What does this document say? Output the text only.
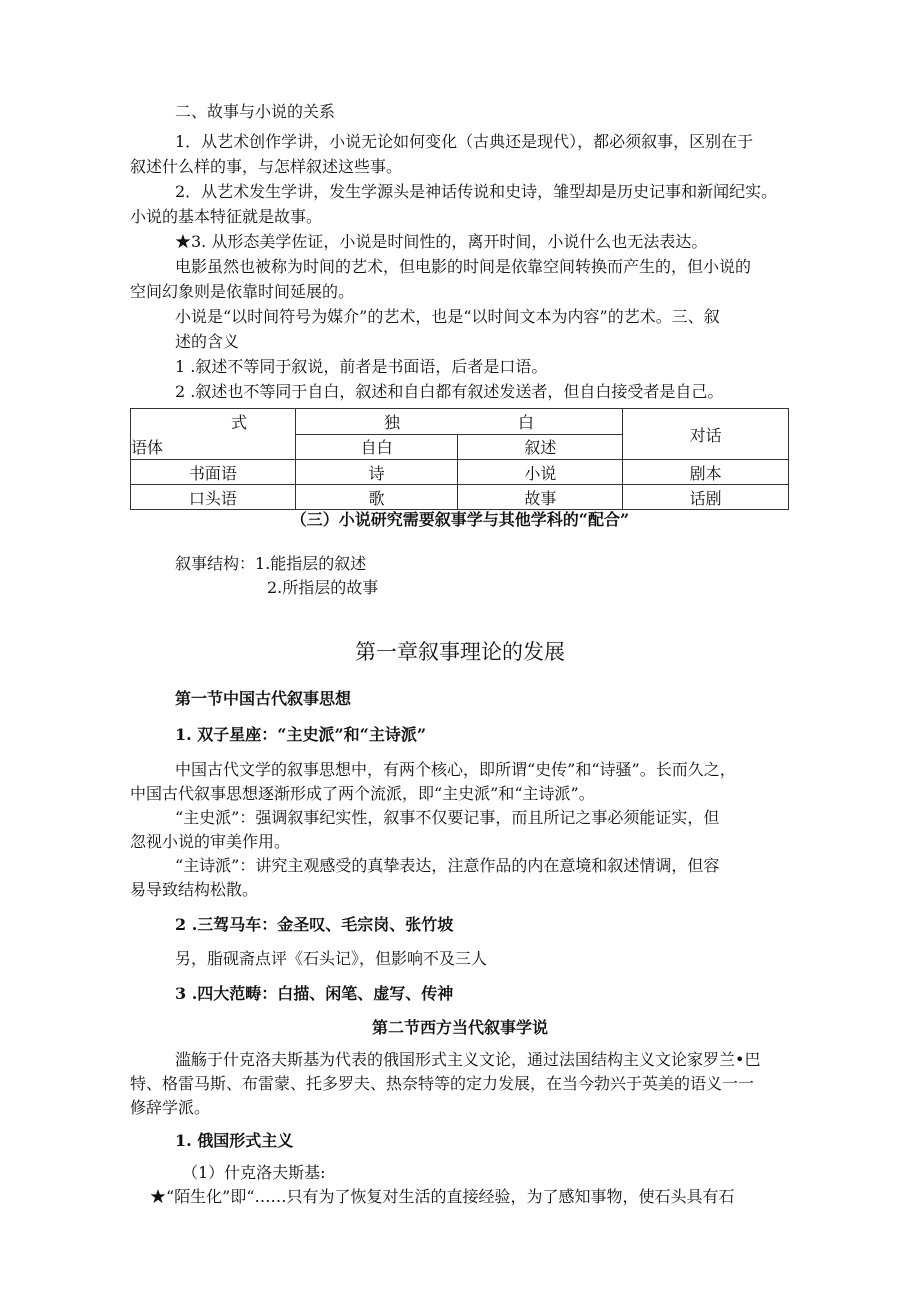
二、故事与小说的关系
1．从艺术创作学讲，小说无论如何变化（古典还是现代），都必须叙事，区别在于
叙述什么样的事，与怎样叙述这些事。
2．从艺术发生学讲，发生学源头是神话传说和史诗，雏型却是历史记事和新闻纪实。
小说的基本特征就是故事。
★3. 从形态美学佐证，小说是时间性的，离开时间，小说什么也无法表达。
电影虽然也被称为时间的艺术，但电影的时间是依靠空间转换而产生的，但小说的
空间幻象则是依靠时间延展的。
小说是“以时间符号为媒介”的艺术，也是“以时间文本为内容”的艺术。三、叙
述的含义
1 .叙述不等同于叙说，前者是书面语，后者是口语。
2 .叙述也不等同于自白，叙述和自白都有叙述发送者，但自白接受者是自己。
式
语体	独 白		对话
	自白	叙述	
书面语	诗	小说	剧本
口头语	歌	故事	话剧
（三）小说研究需要叙事学与其他学科的“配合”
叙事结构：1.能指层的叙述
2.所指层的故事
第一章叙事理论的发展
第一节中国古代叙事思想
1. 双子星座：“主史派”和“主诗派”
中国古代文学的叙事思想中，有两个核心，即所谓“史传”和“诗骚”。长而久之，
中国古代叙事思想逐渐形成了两个流派，即“主史派”和“主诗派”。
“主史派”：强调叙事纪实性，叙事不仅要记事，而且所记之事必须能证实，但
忽视小说的审美作用。
“主诗派”：讲究主观感受的真挚表达，注意作品的内在意境和叙述情调，但容
易导致结构松散。
2 .三驾马车：金圣叹、毛宗岗、张竹坡
另，脂砚斋点评《石头记》，但影响不及三人
3 .四大范畴：白描、闲笔、虚写、传神
第二节西方当代叙事学说
滥觞于什克洛夫斯基为代表的俄国形式主义文论，通过法国结构主义文论家罗兰•巴
特、格雷马斯、布雷蒙、托多罗夫、热奈特等的定力发展，在当今勃兴于英美的语义一一
修辞学派。
1. 俄国形式主义
（1）什克洛夫斯基:
★“陌生化”即“……只有为了恢复对生活的直接经验，为了感知事物，使石头具有石
